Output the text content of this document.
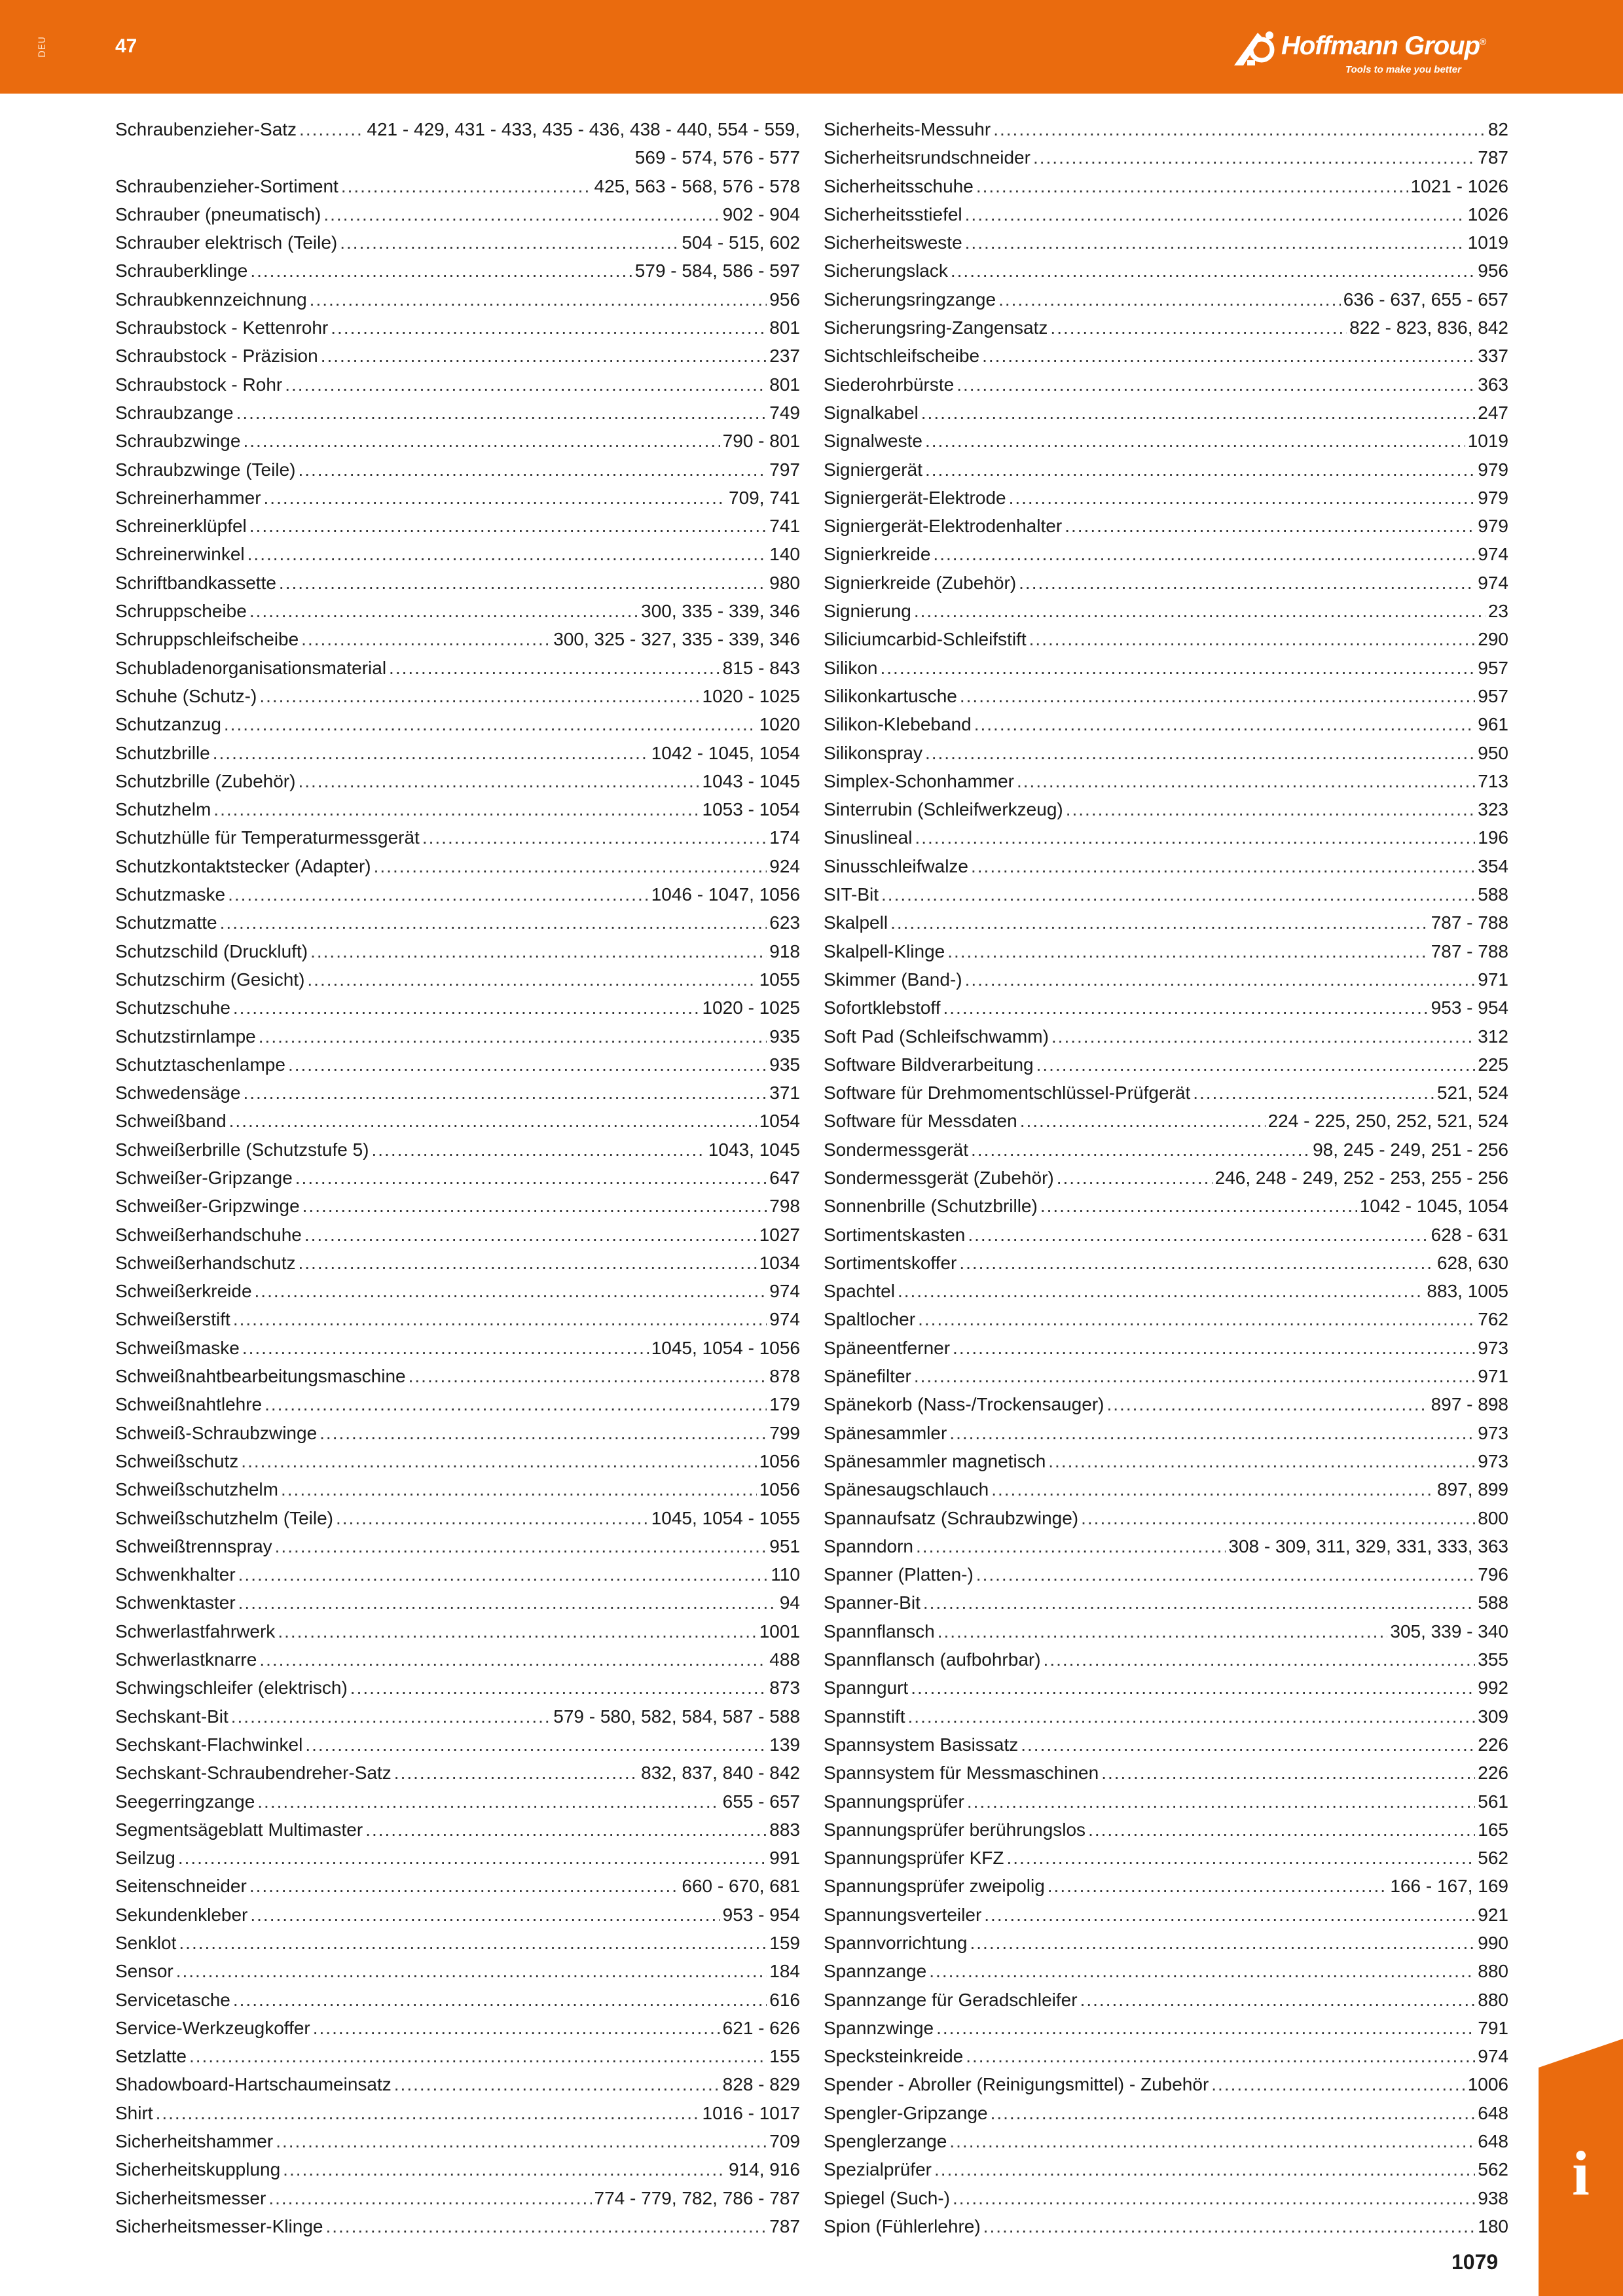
DEU	47	Hoffmann Group®
Tools to make you better
Schraubenzieher-Satz .....	421 - 429, 431 - 433, 435 - 436, 438 - 440, 554 - 559,
569 - 574, 576 - 577
Schraubenzieher-Sortiment .....	425, 563 - 568, 576 - 578
Schrauber (pneumatisch) .....	902 - 904
Schrauber elektrisch (Teile) .....	504 - 515, 602
Schrauberklinge .....	579 - 584, 586 - 597
Schraubkennzeichnung .....	956
Schraubstock - Kettenrohr .....	801
Schraubstock - Präzision .....	237
Schraubstock - Rohr .....	801
Schraubzange .....	749
Schraubzwinge .....	790 - 801
Schraubzwinge (Teile) .....	797
Schreinerhammer .....	709, 741
Schreinerklüpfel .....	741
Schreinerwinkel .....	140
Schriftbandkassette .....	980
Schruppscheibe .....	300, 335 - 339, 346
Schruppschleifscheibe .....	300, 325 - 327, 335 - 339, 346
Schubladenorganisationsmaterial .....	815 - 843
Schuhe (Schutz-) .....	1020 - 1025
Schutzanzug .....	1020
Schutzbrille .....	1042 - 1045, 1054
Schutzbrille (Zubehör) .....	1043 - 1045
Schutzhelm .....	1053 - 1054
Schutzhülle für Temperaturmessgerät .....	174
Schutzkontaktstecker (Adapter) .....	924
Schutzmaske .....	1046 - 1047, 1056
Schutzmatte .....	623
Schutzschild (Druckluft) .....	918
Schutzschirm (Gesicht) .....	1055
Schutzschuhe .....	1020 - 1025
Schutzstirnlampe .....	935
Schutztaschenlampe .....	935
Schwedensäge .....	371
Schweißband .....	1054
Schweißerbrille (Schutzstufe 5) .....	1043, 1045
Schweißer-Gripzange .....	647
Schweißer-Gripzwinge .....	798
Schweißerhandschuhe .....	1027
Schweißerhandschutz .....	1034
Schweißerkreide .....	974
Schweißerstift .....	974
Schweißmaske .....	1045, 1054 - 1056
Schweißnahtbearbeitungsmaschine .....	878
Schweißnahtlehre .....	179
Schweiß-Schraubzwinge .....	799
Schweißschutz .....	1056
Schweißschutzhelm .....	1056
Schweißschutzhelm (Teile) .....	1045, 1054 - 1055
Schweißtrennspray .....	951
Schwenkhalter .....	110
Schwenktaster .....	94
Schwerlastfahrwerk .....	1001
Schwerlastknarre .....	488
Schwingschleifer (elektrisch) .....	873
Sechskant-Bit .....	579 - 580, 582, 584, 587 - 588
Sechskant-Flachwinkel .....	139
Sechskant-Schraubendreher-Satz .....	832, 837, 840 - 842
Seegerringzange .....	655 - 657
Segmentsägeblatt Multimaster .....	883
Seilzug .....	991
Seitenschneider .....	660 - 670, 681
Sekundenkleber .....	953 - 954
Senklot .....	159
Sensor .....	184
Servicetasche .....	616
Service-Werkzeugkoffer .....	621 - 626
Setzlatte .....	155
Shadowboard-Hartschaumeinsatz .....	828 - 829
Shirt .....	1016 - 1017
Sicherheitshammer .....	709
Sicherheitskupplung .....	914, 916
Sicherheitsmesser .....	774 - 779, 782, 786 - 787
Sicherheitsmesser-Klinge .....	787
Sicherheits-Messuhr .....	82
Sicherheitsrundschneider .....	787
Sicherheitsschuhe .....	1021 - 1026
Sicherheitsstiefel .....	1026
Sicherheitsweste .....	1019
Sicherungslack .....	956
Sicherungsringzange .....	636 - 637, 655 - 657
Sicherungsring-Zangensatz .....	822 - 823, 836, 842
Sichtschleifscheibe .....	337
Siederohrbürste .....	363
Signalkabel .....	247
Signalweste .....	1019
Signiergerät .....	979
Signiergerät-Elektrode .....	979
Signiergerät-Elektrodenhalter .....	979
Signierkreide .....	974
Signierkreide (Zubehör) .....	974
Signierung .....	23
Siliciumcarbid-Schleifstift .....	290
Silikon .....	957
Silikonkartusche .....	957
Silikon-Klebeband .....	961
Silikonspray .....	950
Simplex-Schonhammer .....	713
Sinterrubin (Schleifwerkzeug) .....	323
Sinuslineal .....	196
Sinusschleifwalze .....	354
SIT-Bit .....	588
Skalpell .....	787 - 788
Skalpell-Klinge .....	787 - 788
Skimmer (Band-) .....	971
Sofortklebstoff .....	953 - 954
Soft Pad (Schleifschwamm) .....	312
Software Bildverarbeitung .....	225
Software für Drehmomentschlüssel-Prüfgerät .....	521, 524
Software für Messdaten .....	224 - 225, 250, 252, 521, 524
Sondermessgerät .....	98, 245 - 249, 251 - 256
Sondermessgerät (Zubehör) .....	246, 248 - 249, 252 - 253, 255 - 256
Sonnenbrille (Schutzbrille) .....	1042 - 1045, 1054
Sortimentskasten .....	628 - 631
Sortimentskoffer .....	628, 630
Spachtel .....	883, 1005
Spaltlocher .....	762
Späneentferner .....	973
Spänefilter .....	971
Spänekorb (Nass-/Trockensauger) .....	897 - 898
Spänesammler .....	973
Spänesammler magnetisch .....	973
Spänesaugschlauch .....	897, 899
Spannaufsatz (Schraubzwinge) .....	800
Spanndorn .....	308 - 309, 311, 329, 331, 333, 363
Spanner (Platten-) .....	796
Spanner-Bit .....	588
Spannflansch .....	305, 339 - 340
Spannflansch (aufbohrbar) .....	355
Spanngurt .....	992
Spannstift .....	309
Spannsystem Basissatz .....	226
Spannsystem für Messmaschinen .....	226
Spannungsprüfer .....	561
Spannungsprüfer berührungslos .....	165
Spannungsprüfer KFZ .....	562
Spannungsprüfer zweipolig .....	166 - 167, 169
Spannungsverteiler .....	921
Spannvorrichtung .....	990
Spannzange .....	880
Spannzange für Geradschleifer .....	880
Spannzwinge .....	791
Specksteinkreide .....	974
Spender - Abroller (Reinigungsmittel) - Zubehör .....	1006
Spengler-Gripzange .....	648
Spenglerzange .....	648
Spezialprüfer .....	562
Spiegel (Such-) .....	938
Spion (Fühlerlehre) .....	180
i
1079
